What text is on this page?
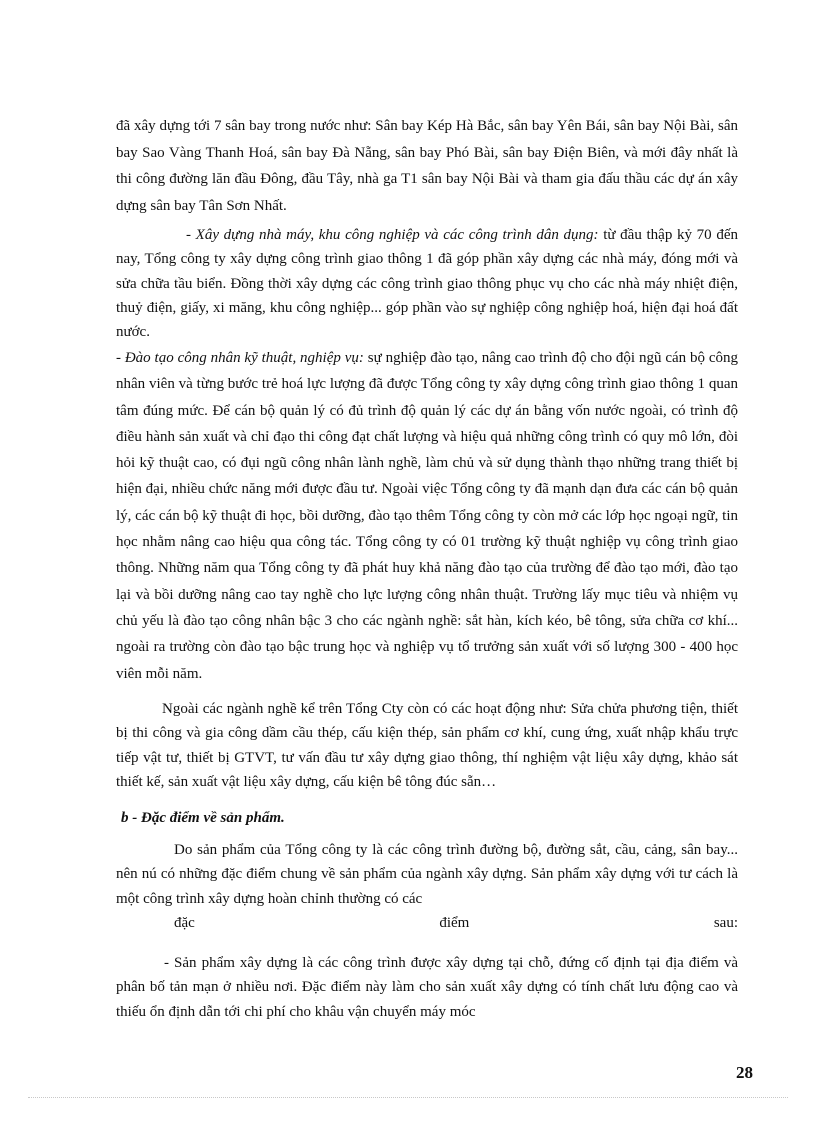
đã xây dựng tới 7 sân bay trong nước như: Sân bay Kép Hà Bắc, sân bay Yên Bái, sân bay Nội Bài, sân bay Sao Vàng Thanh Hoá, sân bay Đà Nẵng, sân bay Phó Bài, sân bay Điện Biên, và mới đây nhất là thi công đường lăn đầu Đông, đầu Tây, nhà ga T1 sân bay Nội Bài và tham gia đấu thầu các dự án xây dựng sân bay Tân Sơn Nhất.

- Xây dựng nhà máy, khu công nghiệp và các công trình dân dụng: từ đầu thập kỷ 70 đến nay, Tổng công ty xây dựng công trình giao thông 1 đã góp phần xây dựng các nhà máy, đóng mới và sửa chữa tầu biển. Đồng thời xây dựng các công trình giao thông phục vụ cho các nhà máy nhiệt điện, thuỷ điện, giấy, xi măng, khu công nghiệp... góp phần vào sự nghiệp công nghiệp hoá, hiện đại hoá đất nước.

- Đào tạo công nhân kỹ thuật, nghiệp vụ: sự nghiệp đào tạo, nâng cao trình độ cho đội ngũ cán bộ công nhân viên và từng bước trẻ hoá lực lượng đã được Tổng công ty xây dựng công trình giao thông 1 quan tâm đúng mức. Để cán bộ quản lý có đủ trình độ quản lý các dự án bằng vốn nước ngoài, có trình độ điều hành sản xuất và chỉ đạo thi công đạt chất lượng và hiệu quả những công trình có quy mô lớn, đòi hỏi kỹ thuật cao, có đụi ngũ công nhân lành nghề, làm chủ và sử dụng thành thạo những trang thiết bị hiện đại, nhiều chức năng mới được đầu tư. Ngoài việc Tổng công ty đã mạnh dạn đưa các cán bộ quản lý, các cán bộ kỹ thuật đi học, bồi dưỡng, đào tạo thêm Tổng công ty còn mở các lớp học ngoại ngữ, tin học nhằm nâng cao hiệu qua công tác. Tổng công ty có 01 trường kỹ thuật nghiệp vụ công trình giao thông. Những năm qua Tổng công ty đã phát huy khả năng đào tạo của trường để đào tạo mới, đào tạo lại và bồi dưỡng nâng cao tay nghề cho lực lượng công nhân thuật. Trường lấy mục tiêu và nhiệm vụ chủ yếu là đào tạo công nhân bậc 3 cho các ngành nghề: sắt hàn, kích kéo, bê tông, sửa chữa cơ khí... ngoài ra trường còn đào tạo bậc trung học và nghiệp vụ tổ trưởng sản xuất với số lượng 300 - 400 học viên mỗi năm.

Ngoài các ngành nghề kể trên Tổng Cty còn có các hoạt động như: Sửa chửa phương tiện, thiết bị thi công và gia công dầm cầu thép, cấu kiện thép, sản phẩm cơ khí, cung ứng, xuất nhập khẩu trực tiếp vật tư, thiết bị GTVT, tư vấn đầu tư xây dựng giao thông, thí nghiệm vật liệu xây dựng, khảo sát thiết kế, sản xuất vật liệu xây dựng, cấu kiện bê tông đúc sẵn…

b - Đặc điểm về sản phẩm.
Do sản phẩm của Tổng công ty là các công trình đường bộ, đường sắt, cầu, cảng, sân bay... nên nú có những đặc điểm chung về sản phẩm của ngành xây dựng. Sản phẩm xây dựng với tư cách là một công trình xây dựng hoàn chỉnh thường có các
đặc	điểm	sau:

- Sản phẩm xây dựng là các công trình được xây dựng tại chỗ, đứng cố định tại địa điểm và phân bố tản mạn ở nhiều nơi. Đặc điểm này làm cho sản xuất xây dựng có tính chất lưu động cao và thiếu ổn định dẫn tới chi phí cho khâu vận chuyển máy móc

28
